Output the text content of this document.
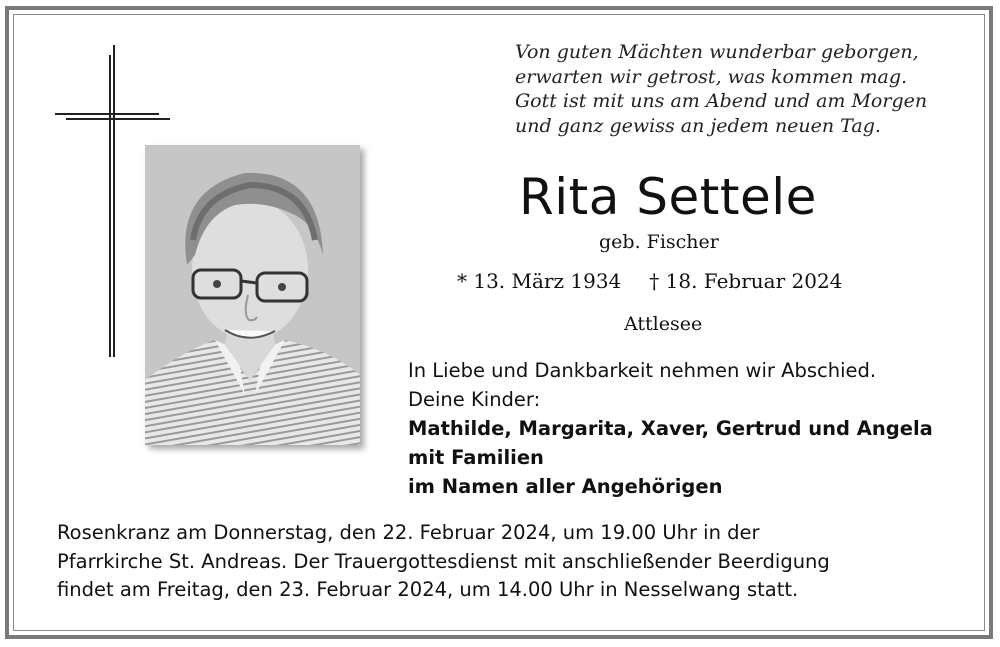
Von guten Mächten wunderbar geborgen,
erwarten wir getrost, was kommen mag.
Gott ist mit uns am Abend und am Morgen
und ganz gewiss an jedem neuen Tag.
Rita Settele
geb. Fischer
* 13. März 1934 † 18. Februar 2024
Attlesee
In Liebe und Dankbarkeit nehmen wir Abschied.
Deine Kinder:
Mathilde, Margarita, Xaver, Gertrud und Angela
mit Familien
im Namen aller Angehörigen
Rosenkranz am Donnerstag, den 22. Februar 2024, um 19.00 Uhr in der
Pfarrkirche St. Andreas. Der Trauergottesdienst mit anschließender Beerdigung
findet am Freitag, den 23. Februar 2024, um 14.00 Uhr in Nesselwang statt.
